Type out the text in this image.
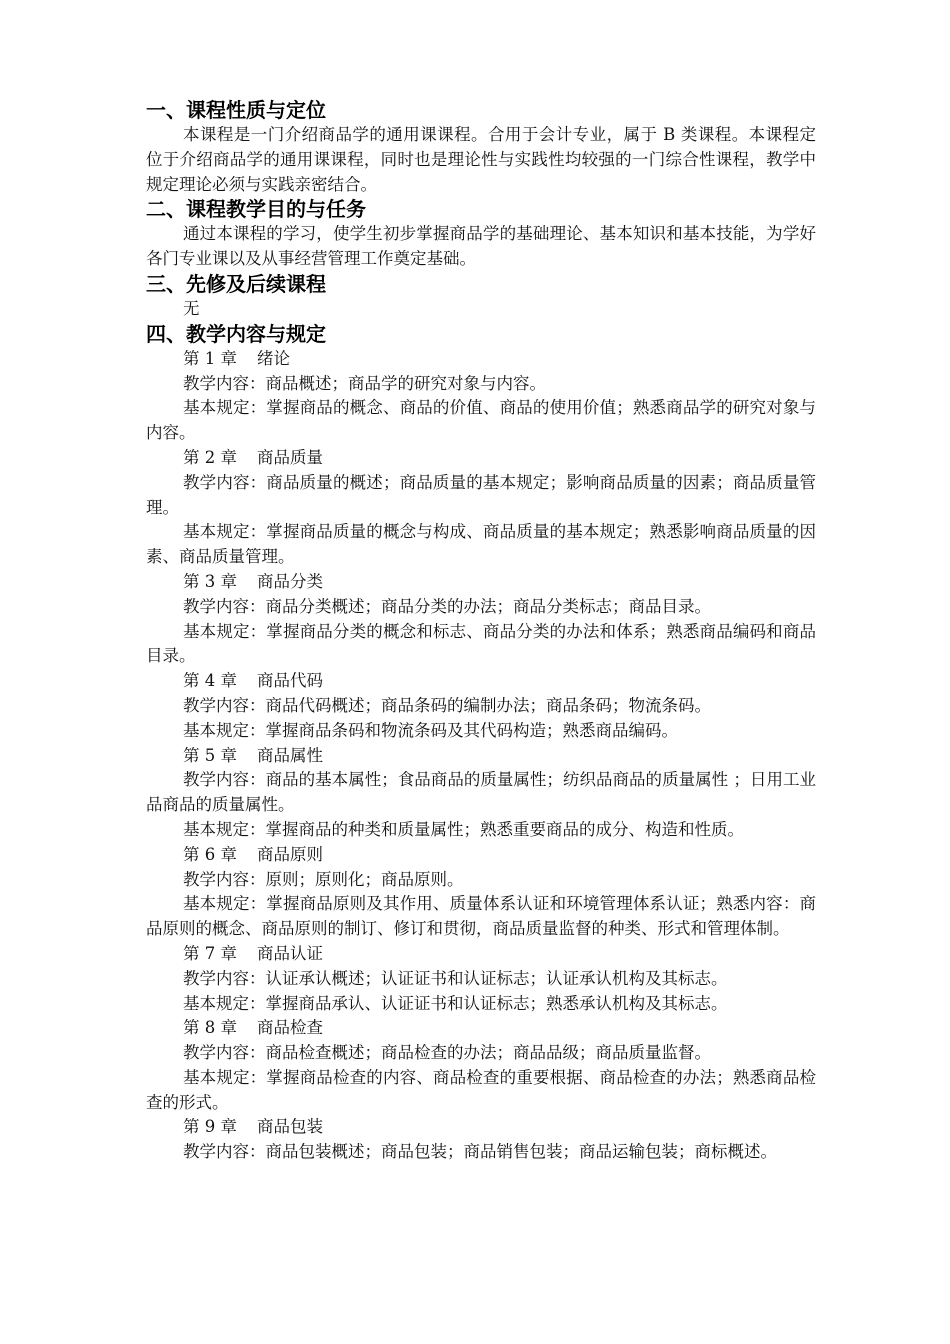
一、课程性质与定位

本课程是一门介绍商品学的通用课课程。合用于会计专业，属于 B 类课程。本课程定位于介绍商品学的通用课课程，同时也是理论性与实践性均较强的一门综合性课程，教学中规定理论必须与实践亲密结合。

二、课程教学目的与任务

通过本课程的学习，使学生初步掌握商品学的基础理论、基本知识和基本技能，为学好各门专业课以及从事经营管理工作奠定基础。

三、先修及后续课程

无

四、教学内容与规定

第 1 章 绪论

教学内容：商品概述；商品学的研究对象与内容。

基本规定：掌握商品的概念、商品的价值、商品的使用价值；熟悉商品学的研究对象与内容。

第 2 章 商品质量

教学内容：商品质量的概述；商品质量的基本规定；影响商品质量的因素；商品质量管理。

基本规定：掌握商品质量的概念与构成、商品质量的基本规定；熟悉影响商品质量的因素、商品质量管理。

第 3 章 商品分类

教学内容：商品分类概述；商品分类的办法；商品分类标志；商品目录。

基本规定：掌握商品分类的概念和标志、商品分类的办法和体系；熟悉商品编码和商品目录。

第 4 章 商品代码

教学内容：商品代码概述；商品条码的编制办法；商品条码；物流条码。

基本规定：掌握商品条码和物流条码及其代码构造；熟悉商品编码。

第 5 章 商品属性

教学内容：商品的基本属性；食品商品的质量属性；纺织品商品的质量属性 ；日用工业品商品的质量属性。

基本规定：掌握商品的种类和质量属性；熟悉重要商品的成分、构造和性质。

第 6 章 商品原则

教学内容：原则；原则化；商品原则。

基本规定：掌握商品原则及其作用、质量体系认证和环境管理体系认证；熟悉内容：商品原则的概念、商品原则的制订、修订和贯彻，商品质量监督的种类、形式和管理体制。

第 7 章 商品认证

教学内容：认证承认概述；认证证书和认证标志；认证承认机构及其标志。

基本规定：掌握商品承认、认证证书和认证标志；熟悉承认机构及其标志。

第 8 章 商品检查

教学内容：商品检查概述；商品检查的办法；商品品级；商品质量监督。

基本规定：掌握商品检查的内容、商品检查的重要根据、商品检查的办法；熟悉商品检查的形式。

第 9 章 商品包装

教学内容：商品包装概述；商品包装；商品销售包装；商品运输包装；商标概述。
